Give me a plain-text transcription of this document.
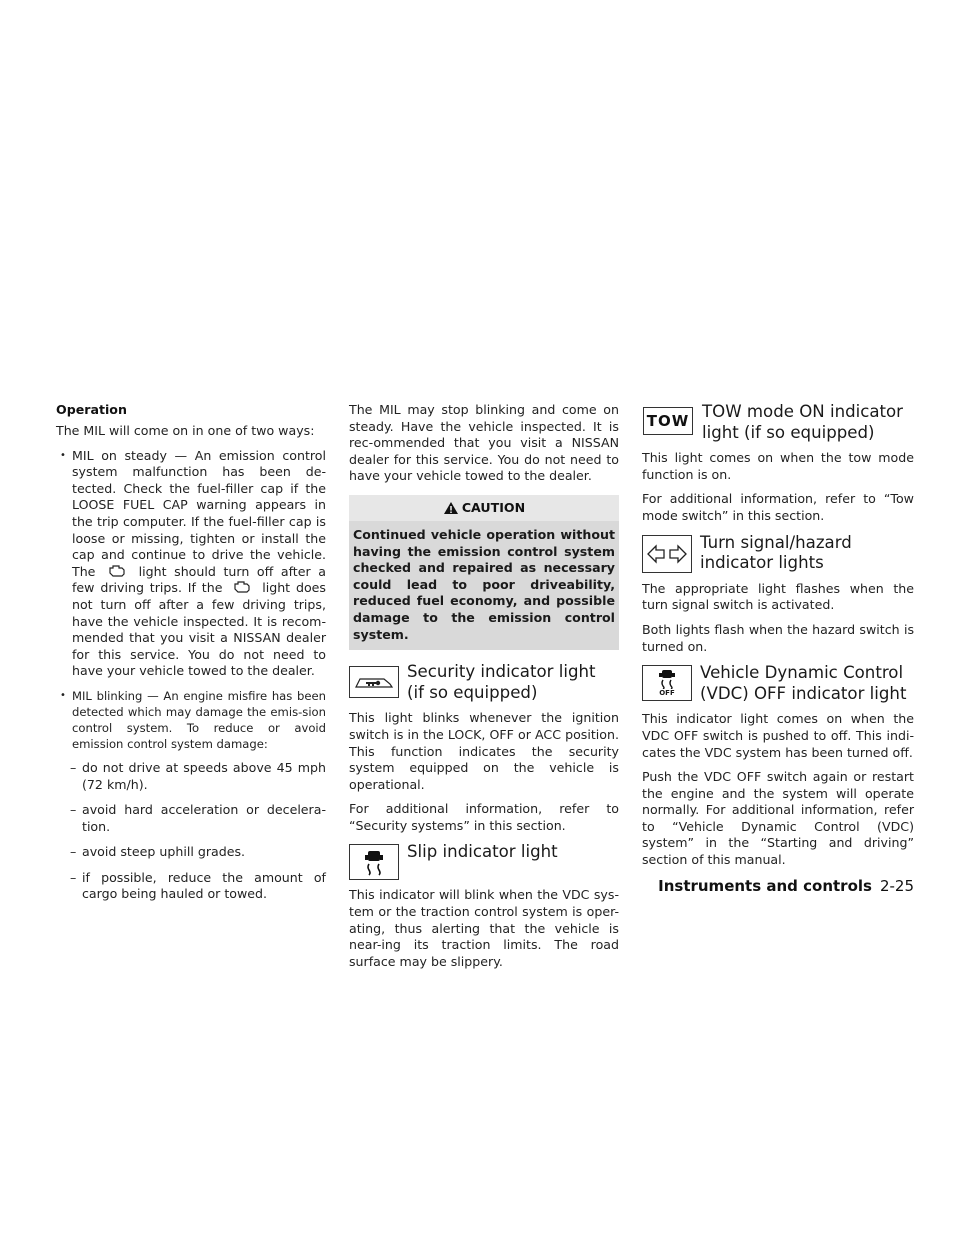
Operation

The MIL will come on in one of two ways:

• MIL on steady — An emission control system malfunction has been de-tected. Check the fuel-filler cap if the LOOSE FUEL CAP warning appears in the trip computer. If the fuel-filler cap is loose or missing, tighten or install the cap and continue to drive the vehicle. The	light should turn off after a few driving trips. If the	light does not turn off after a few driving trips, have the vehicle inspected. It is recom-mended that you visit a NISSAN dealer for this service. You do not need to have your vehicle towed to the dealer.

• MIL blinking — An engine misfire has been detected which may damage the emis-sion control system. To reduce or avoid emission control system damage:

– do not drive at speeds above 45 mph (72 km/h).

– avoid hard acceleration or decelera-tion.

– avoid steep uphill grades.

– if possible, reduce the amount of cargo being hauled or towed.

The MIL may stop blinking and come on steady. Have the vehicle inspected. It is rec-ommended that you visit a NISSAN dealer for this service. You do not need to have your vehicle towed to the dealer.

CAUTION
Continued vehicle operation without having the emission control system checked and repaired as necessary could lead to poor driveability, reduced fuel economy, and possible damage to the emission control system.
Security indicator light
(if so equipped)

This light blinks whenever the ignition switch is in the LOCK, OFF or ACC position. This function indicates the security system equipped on the vehicle is operational.

For additional information, refer to “Security systems” in this section.

Slip indicator light

This indicator will blink when the VDC sys-tem or the traction control system is oper-ating, thus alerting that the vehicle is near-ing its traction limits. The road surface may be slippery.

TOW TOW mode ON indicator
light (if so equipped)

This light comes on when the tow mode function is on.

For additional information, refer to “Tow mode switch” in this section.

Turn signal/hazard
indicator lights

The appropriate light flashes when the turn signal switch is activated.

Both lights flash when the hazard switch is turned on.

OFF
Vehicle Dynamic Control
(VDC) OFF indicator light

This indicator light comes on when the VDC OFF switch is pushed to off. This indi-cates the VDC system has been turned off.

Push the VDC OFF switch again or restart the engine and the system will operate normally. For additional information, refer to “Vehicle Dynamic Control (VDC) system” in the “Starting and driving” section of this manual.

Instruments and controls 2-25
